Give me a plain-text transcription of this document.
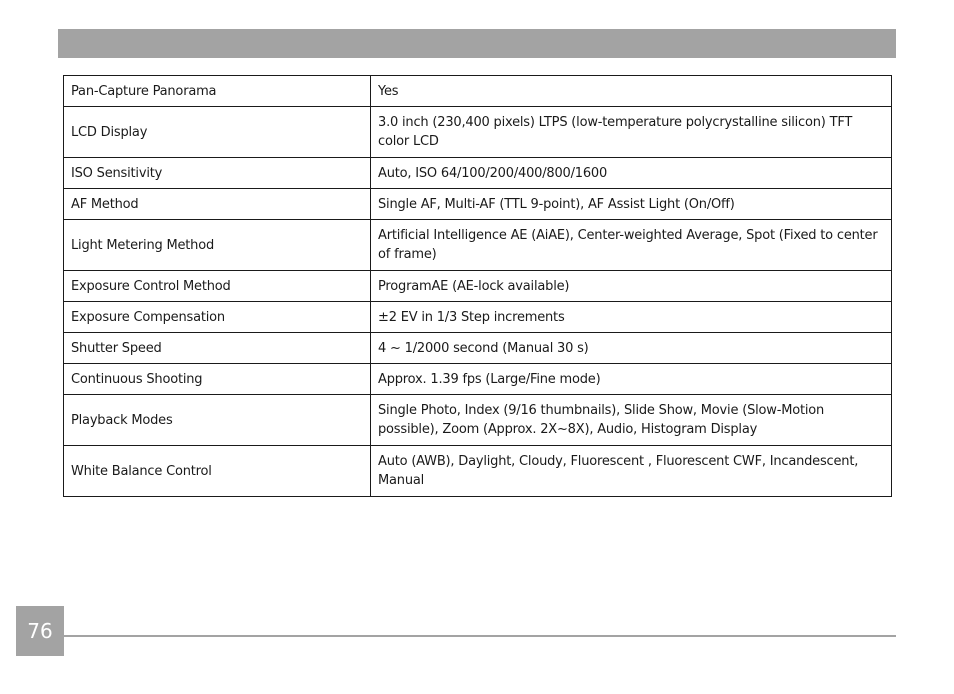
Pan-Capture Panorama	Yes
LCD Display	3.0 inch (230,400 pixels) LTPS (low-temperature polycrystalline silicon) TFT color LCD
ISO Sensitivity	Auto, ISO 64/100/200/400/800/1600
AF Method	Single AF, Multi-AF (TTL 9-point), AF Assist Light (On/Off)
Light Metering Method	Artificial Intelligence AE (AiAE), Center-weighted Average, Spot (Fixed to center of frame)
Exposure Control Method	ProgramAE (AE-lock available)
Exposure Compensation	±2 EV in 1/3 Step increments
Shutter Speed	4 ~ 1/2000 second (Manual 30 s)
Continuous Shooting	Approx. 1.39 fps (Large/Fine mode)
Playback Modes	Single Photo, Index (9/16 thumbnails), Slide Show, Movie (Slow-Motion possible), Zoom (Approx. 2X~8X), Audio, Histogram Display
White Balance Control	Auto (AWB), Daylight, Cloudy, Fluorescent , Fluorescent CWF, Incandescent, Manual
76
